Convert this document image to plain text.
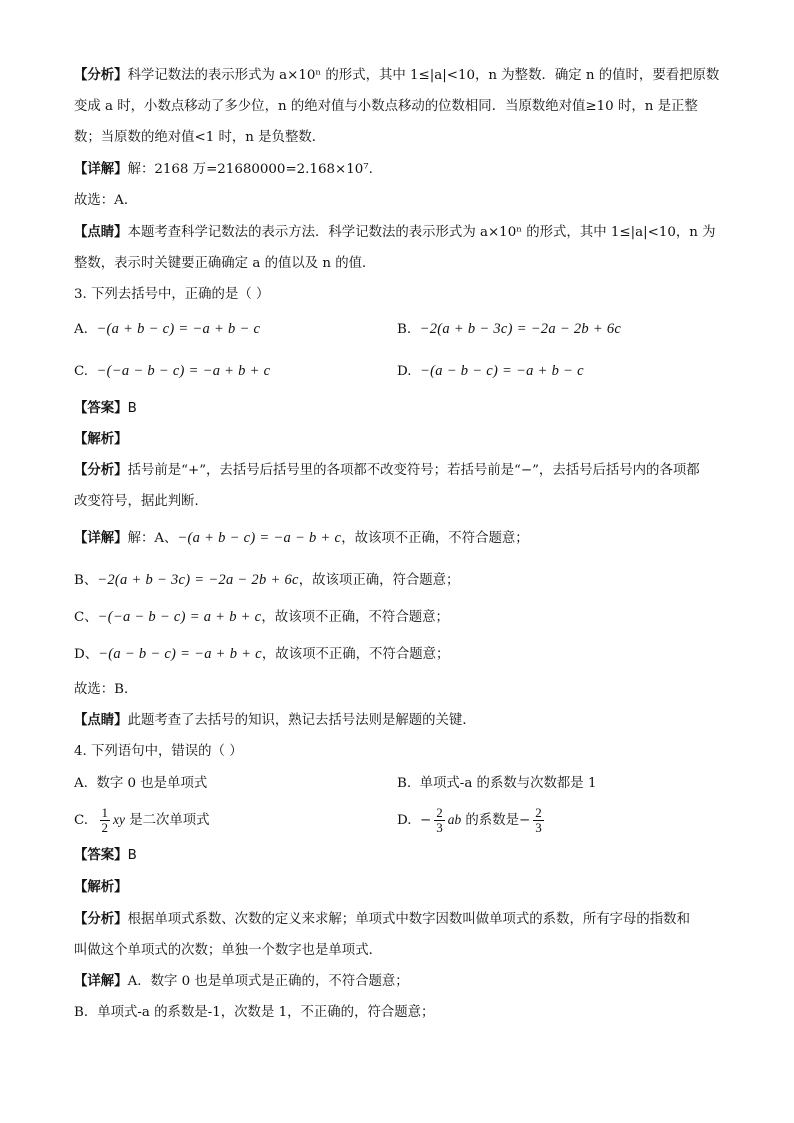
【分析】科学记数法的表示形式为 a×10ⁿ 的形式，其中 1≤|a|<10，n 为整数．确定 n 的值时，要看把原数
变成 a 时，小数点移动了多少位，n 的绝对值与小数点移动的位数相同．当原数绝对值≥10 时，n 是正整
数；当原数的绝对值<1 时，n 是负整数．
【详解】解：2168 万=21680000=2.168×10⁷.
故选：A．
【点睛】本题考查科学记数法的表示方法．科学记数法的表示形式为 a×10ⁿ 的形式，其中 1≤|a|<10，n 为
整数，表示时关键要正确确定 a 的值以及 n 的值．
3. 下列去括号中，正确的是（ ）
A. −(a + b − c) = −a + b − c	B. −2(a + b − 3c) = −2a − 2b + 6c
C. −(−a − b − c) = −a + b + c	D. −(a − b − c) = −a + b − c
【答案】B
【解析】
【分析】括号前是“+”，去括号后括号里的各项都不改变符号；若括号前是“−”，去括号后括号内的各项都
改变符号，据此判断．
【详解】解：A、−(a + b − c) = −a − b + c，故该项不正确，不符合题意；
B、−2(a + b − 3c) = −2a − 2b + 6c，故该项正确，符合题意；
C、−(−a − b − c) = a + b + c，故该项不正确，不符合题意；
D、−(a − b − c) = −a + b + c，故该项不正确，不符合题意；
故选：B．
【点睛】此题考查了去括号的知识，熟记去括号法则是解题的关键．
4. 下列语句中，错误的（ ）
A. 数字 0 也是单项式	B. 单项式-a 的系数与次数都是 1
C. $\frac{1}{2}$ xy 是二次单项式	D. − $\frac{2}{3}$ ab 的系数是− $\frac{2}{3}$
【答案】B
【解析】
【分析】根据单项式系数、次数的定义来求解；单项式中数字因数叫做单项式的系数，所有字母的指数和
叫做这个单项式的次数；单独一个数字也是单项式．
【详解】A．数字 0 也是单项式是正确的，不符合题意；
B．单项式-a 的系数是-1，次数是 1，不正确的，符合题意；
